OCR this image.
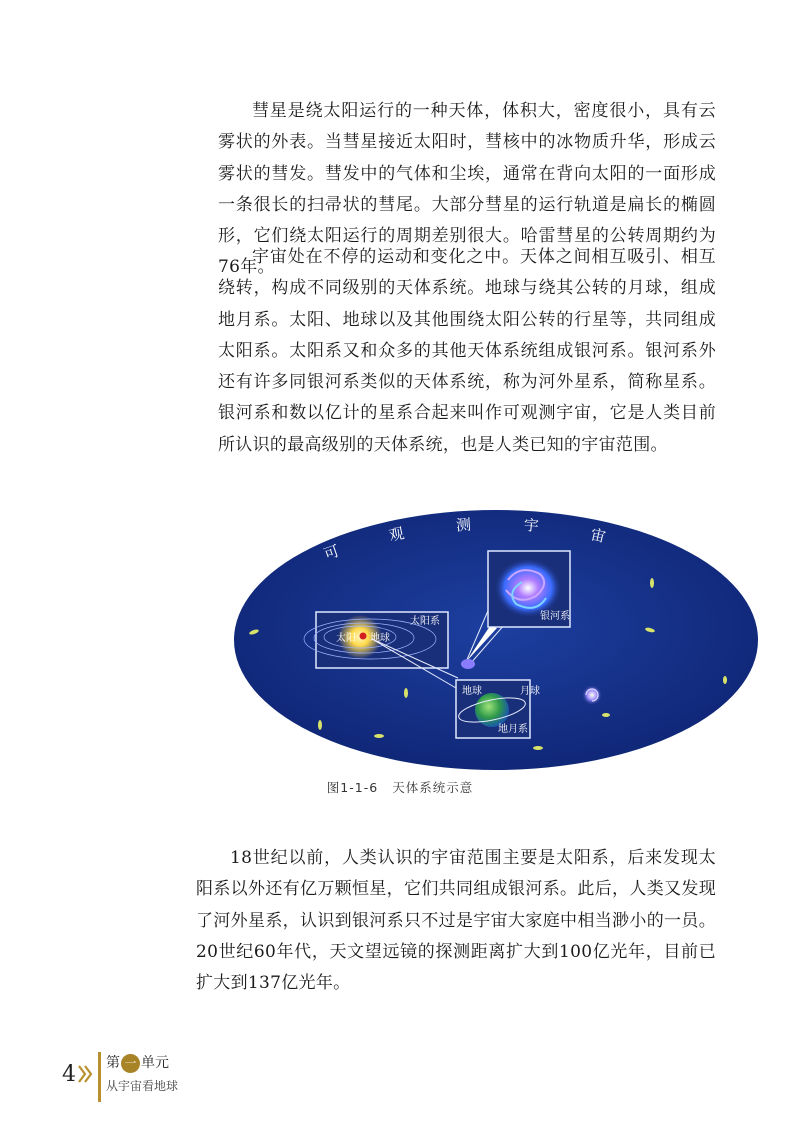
彗星是绕太阳运行的一种天体，体积大，密度很小，具有云雾状的外表。当彗星接近太阳时，彗核中的冰物质升华，形成云雾状的彗发。彗发中的气体和尘埃，通常在背向太阳的一面形成一条很长的扫帚状的彗尾。大部分彗星的运行轨道是扁长的椭圆形，它们绕太阳运行的周期差别很大。哈雷彗星的公转周期约为76年。

宇宙处在不停的运动和变化之中。天体之间相互吸引、相互绕转，构成不同级别的天体系统。地球与绕其公转的月球，组成地月系。太阳、地球以及其他围绕太阳公转的行星等，共同组成太阳系。太阳系又和众多的其他天体系统组成银河系。银河系外还有许多同银河系类似的天体系统，称为河外星系，简称星系。银河系和数以亿计的星系合起来叫作可观测宇宙，它是人类目前所认识的最高级别的天体系统，也是人类已知的宇宙范围。

可观	测	宇	宙
银河系
太阳 地球
太阳系
地球	月球
地月系
图1-1-6 天体系统示意

18世纪以前，人类认识的宇宙范围主要是太阳系，后来发现太阳系以外还有亿万颗恒星，它们共同组成银河系。此后，人类又发现了河外星系，认识到银河系只不过是宇宙大家庭中相当渺小的一员。20世纪60年代，天文望远镜的探测距离扩大到100亿光年，目前已扩大到137亿光年。

4 第 一 单元
从宇宙看地球
